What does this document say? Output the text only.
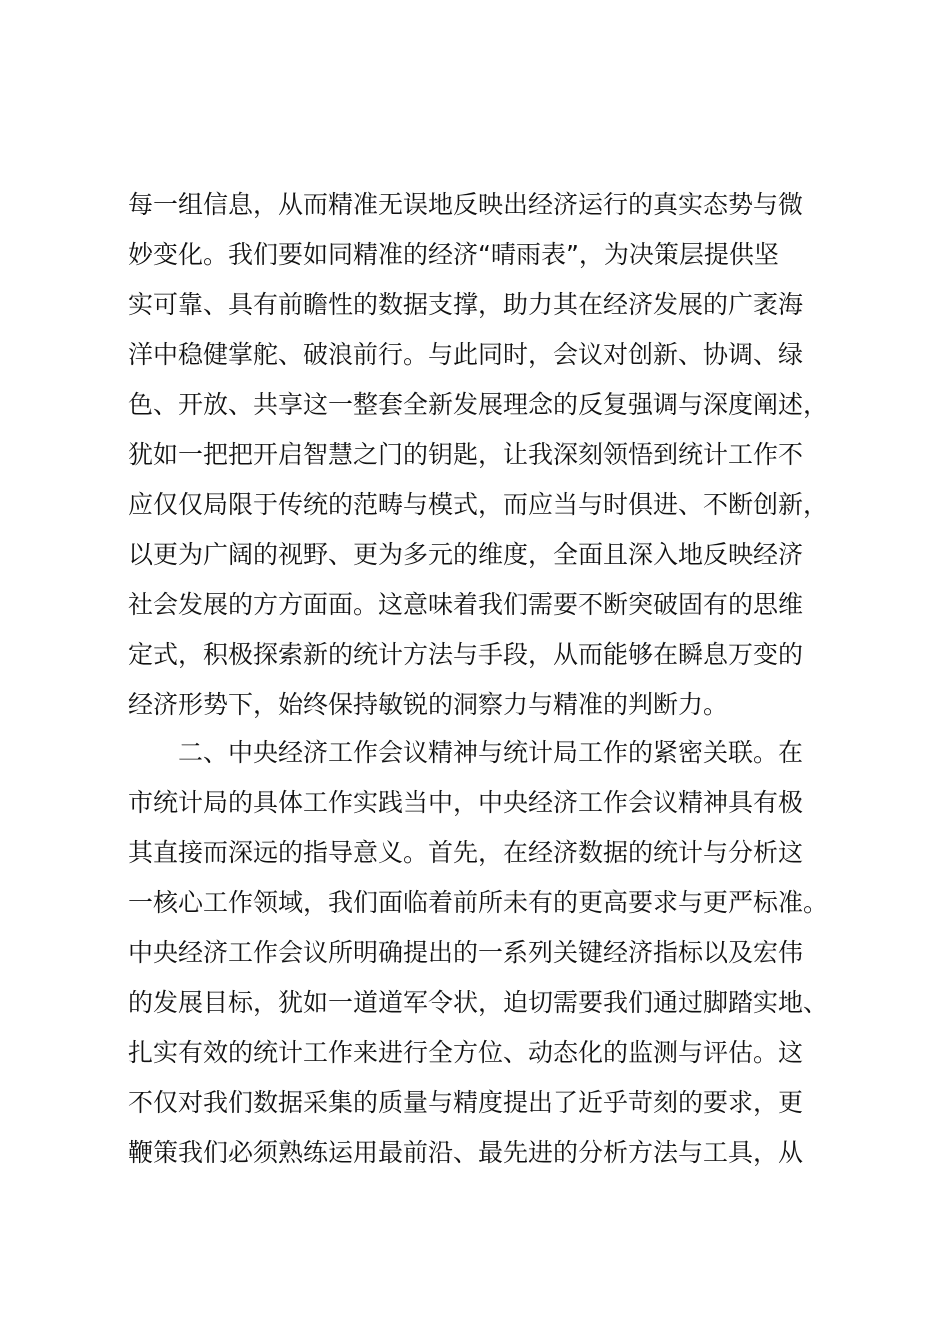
每一组信息，从而精准无误地反映出经济运行的真实态势与微
妙变化。我们要如同精准的经济“晴雨表”，为决策层提供坚
实可靠、具有前瞻性的数据支撑，助力其在经济发展的广袤海
洋中稳健掌舵、破浪前行。与此同时，会议对创新、协调、绿
色、开放、共享这一整套全新发展理念的反复强调与深度阐述，
犹如一把把开启智慧之门的钥匙，让我深刻领悟到统计工作不
应仅仅局限于传统的范畴与模式，而应当与时俱进、不断创新，
以更为广阔的视野、更为多元的维度，全面且深入地反映经济
社会发展的方方面面。这意味着我们需要不断突破固有的思维
定式，积极探索新的统计方法与手段，从而能够在瞬息万变的
经济形势下，始终保持敏锐的洞察力与精准的判断力。
二、中央经济工作会议精神与统计局工作的紧密关联。在
市统计局的具体工作实践当中，中央经济工作会议精神具有极
其直接而深远的指导意义。首先，在经济数据的统计与分析这
一核心工作领域，我们面临着前所未有的更高要求与更严标准。
中央经济工作会议所明确提出的一系列关键经济指标以及宏伟
的发展目标，犹如一道道军令状，迫切需要我们通过脚踏实地、
扎实有效的统计工作来进行全方位、动态化的监测与评估。这
不仅对我们数据采集的质量与精度提出了近乎苛刻的要求，更
鞭策我们必须熟练运用最前沿、最先进的分析方法与工具，从
